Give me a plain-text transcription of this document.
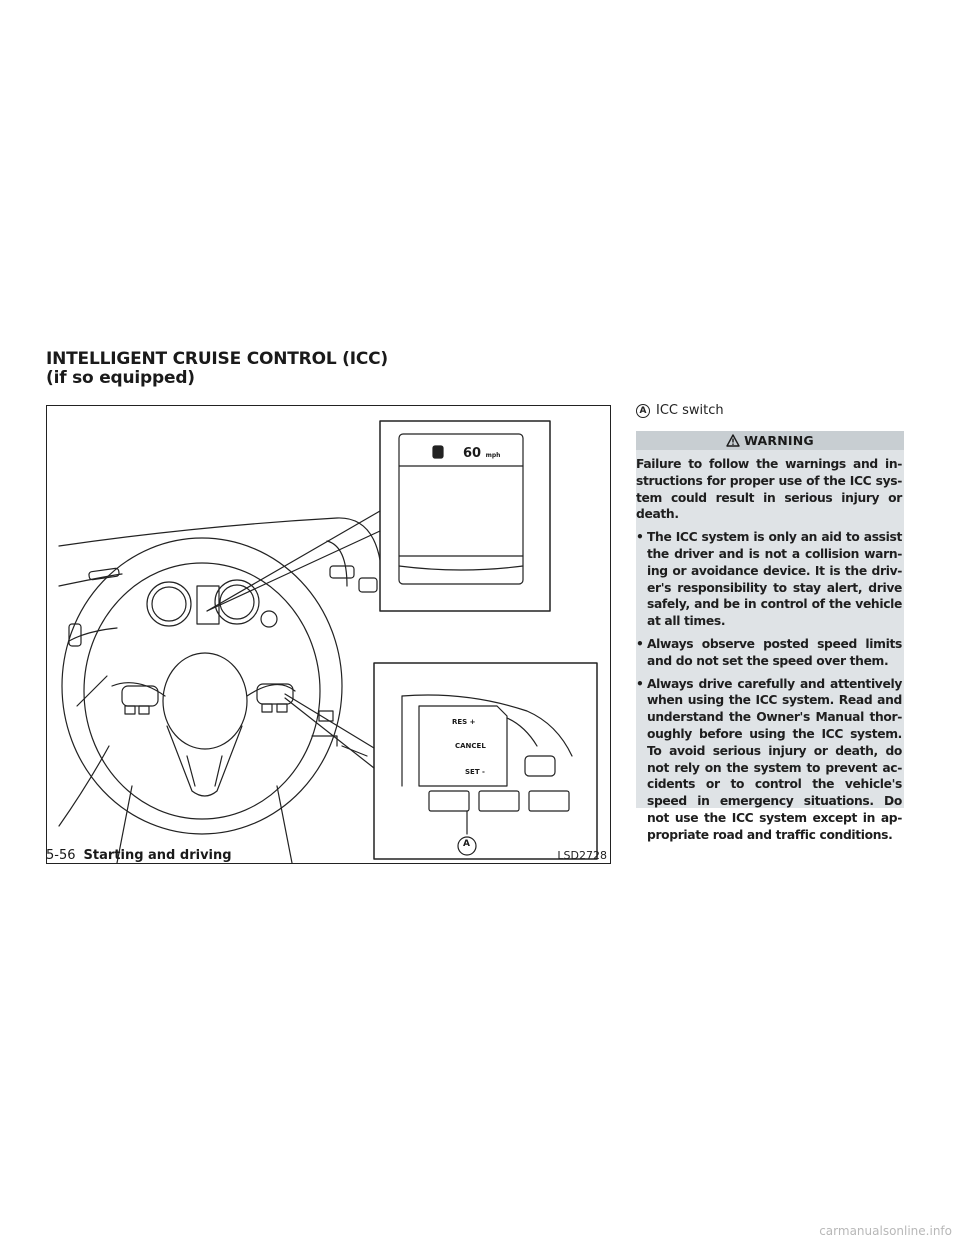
INTELLIGENT CRUISE CONTROL (ICC)
(if so equipped)
60 mph
RES +
CANCEL
SET -
A
LSD2728
A ICC switch
WARNING

Failure to follow the warnings and in-structions for proper use of the ICC sys-tem could result in serious injury or death.

• The ICC system is only an aid to assist the driver and is not a collision warn-ing or avoidance device. It is the driv-er's responsibility to stay alert, drive safely, and be in control of the vehicle at all times.
• Always observe posted speed limits and do not set the speed over them.
• Always drive carefully and attentively when using the ICC system. Read and understand the Owner's Manual thor-oughly before using the ICC system. To avoid serious injury or death, do not rely on the system to prevent ac-cidents or to control the vehicle's speed in emergency situations. Do not use the ICC system except in ap-propriate road and traffic conditions.
5-56 Starting and driving
carmanualsonline.info
